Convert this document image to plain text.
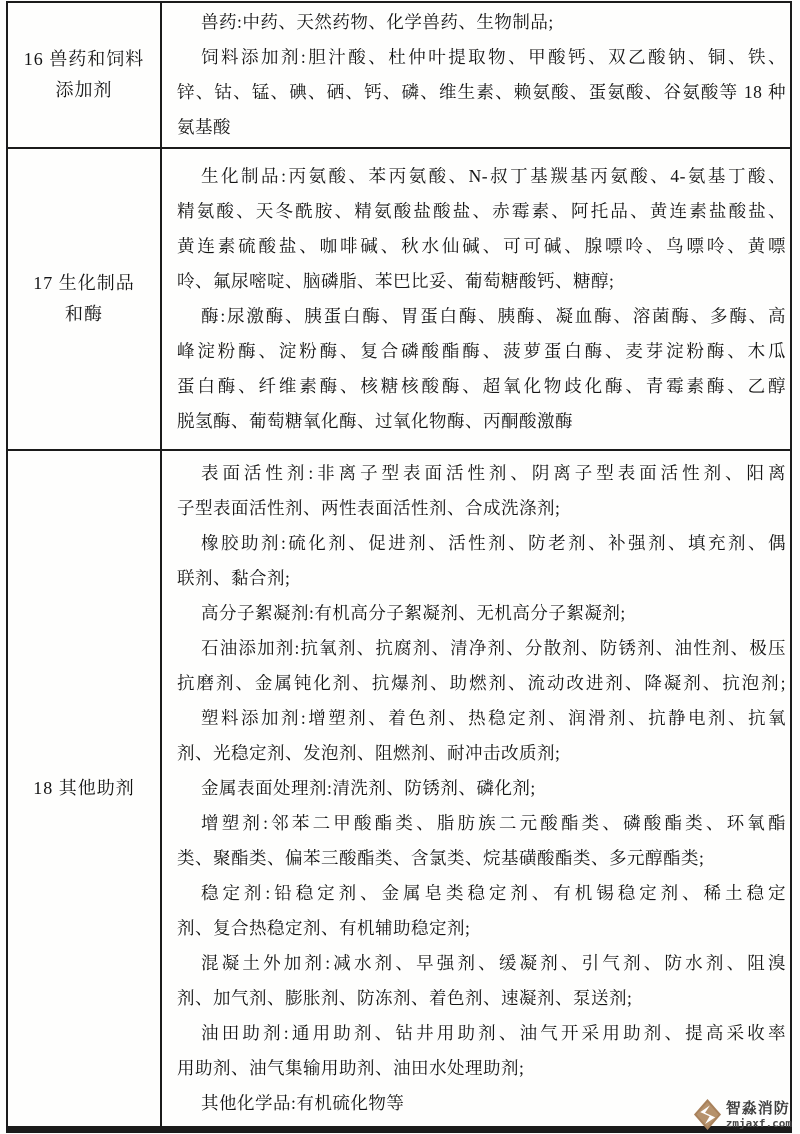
16 兽药和饲料
添加剂
兽药:中药、天然药物、化学兽药、生物制品;
饲料添加剂:胆汁酸、杜仲叶提取物、甲酸钙、双乙酸钠、铜、铁、
锌、钴、锰、碘、硒、钙、磷、维生素、赖氨酸、蛋氨酸、谷氨酸等 18 种
氨基酸
17 生化制品
和酶
生化制品:丙氨酸、苯丙氨酸、N-叔丁基羰基丙氨酸、4-氨基丁酸、
精氨酸、天冬酰胺、精氨酸盐酸盐、赤霉素、阿托品、黄连素盐酸盐、
黄连素硫酸盐、咖啡碱、秋水仙碱、可可碱、腺嘌呤、鸟嘌呤、黄嘌
呤、氟尿嘧啶、脑磷脂、苯巴比妥、葡萄糖酸钙、糖醇;
酶:尿激酶、胰蛋白酶、胃蛋白酶、胰酶、凝血酶、溶菌酶、多酶、高
峰淀粉酶、淀粉酶、复合磷酸酯酶、菠萝蛋白酶、麦芽淀粉酶、木瓜
蛋白酶、纤维素酶、核糖核酸酶、超氧化物歧化酶、青霉素酶、乙醇
脱氢酶、葡萄糖氧化酶、过氧化物酶、丙酮酸激酶
18 其他助剂
表面活性剂:非离子型表面活性剂、阴离子型表面活性剂、阳离
子型表面活性剂、两性表面活性剂、合成洗涤剂;
橡胶助剂:硫化剂、促进剂、活性剂、防老剂、补强剂、填充剂、偶
联剂、黏合剂;
高分子絮凝剂:有机高分子絮凝剂、无机高分子絮凝剂;
石油添加剂:抗氧剂、抗腐剂、清净剂、分散剂、防锈剂、油性剂、极压
抗磨剂、金属钝化剂、抗爆剂、助燃剂、流动改进剂、降凝剂、抗泡剂;
塑料添加剂:增塑剂、着色剂、热稳定剂、润滑剂、抗静电剂、抗氧
剂、光稳定剂、发泡剂、阻燃剂、耐冲击改质剂;
金属表面处理剂:清洗剂、防锈剂、磷化剂;
增塑剂:邻苯二甲酸酯类、脂肪族二元酸酯类、磷酸酯类、环氧酯
类、聚酯类、偏苯三酸酯类、含氯类、烷基磺酸酯类、多元醇酯类;
稳定剂:铅稳定剂、金属皂类稳定剂、有机锡稳定剂、稀土稳定
剂、复合热稳定剂、有机辅助稳定剂;
混凝土外加剂:减水剂、早强剂、缓凝剂、引气剂、防水剂、阻溴
剂、加气剂、膨胀剂、防冻剂、着色剂、速凝剂、泵送剂;
油田助剂:通用助剂、钻井用助剂、油气开采用助剂、提高采收率
用助剂、油气集输用助剂、油田水处理助剂;
其他化学品:有机硫化物等	智淼消防
zmjaxf.com
